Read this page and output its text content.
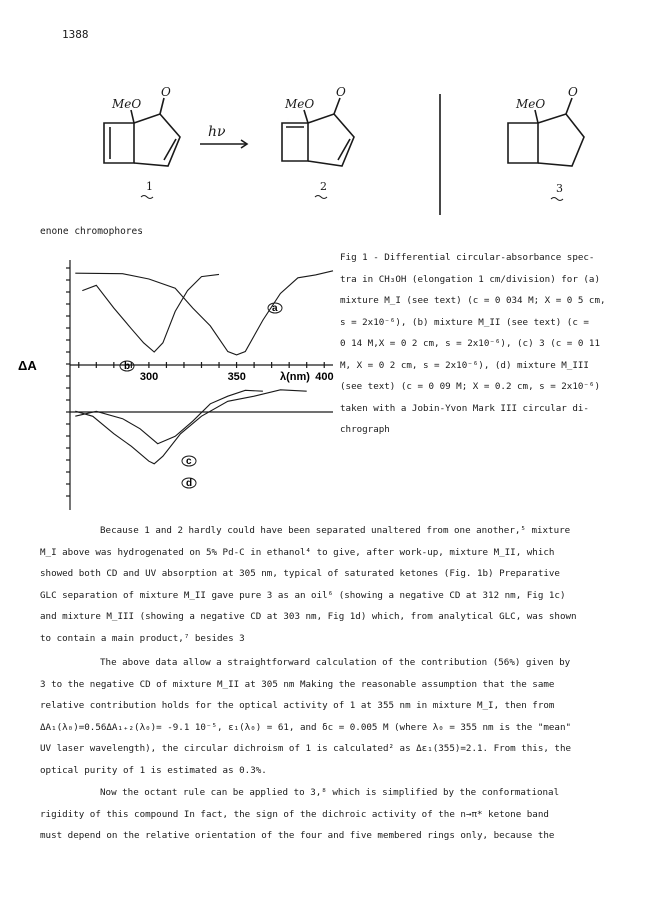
1388
MeO
O
hν
MeO
O
MeO
O
1	2	3
enone chromophores
ΔA
λ(nm)
300	350	400
a
b
c
d
Fig 1 - Differential circular-absorbance spec-
tra in CH₃OH (elongation 1 cm/division) for (a)
mixture M_I (see text) (c = 0 034 M; X = 0 5 cm,
s = 2x10⁻⁶), (b) mixture M_II (see text) (c =
0 14 M,X = 0 2 cm, s = 2x10⁻⁶), (c) 3 (c = 0 11
M, X = 0 2 cm, s = 2x10⁻⁶), (d) mixture M_III
(see text) (c = 0 09 M; X = 0.2 cm, s = 2x10⁻⁶)
taken with a Jobin-Yvon Mark III circular di-
chrograph
Because 1 and 2 hardly could have been separated unaltered from one another,⁵ mixture
M_I above was hydrogenated on 5% Pd-C in ethanol⁴ to give, after work-up, mixture M_II, which
showed both CD and UV absorption at 305 nm, typical of saturated ketones (Fig. 1b) Preparative
GLC separation of mixture M_II gave pure 3 as an oil⁶ (showing a negative CD at 312 nm, Fig 1c)
and mixture M_III (showing a negative CD at 303 nm, Fig 1d) which, from analytical GLC, was shown
to contain a main product,⁷ besides 3
The above data allow a straightforward calculation of the contribution (56%) given by
3 to the negative CD of mixture M_II at 305 nm Making the reasonable assumption that the same
relative contribution holds for the optical activity of 1 at 355 nm in mixture M_I, then from
ΔA₁(λ₀)=0.56ΔA₁₊₂(λ₀)= -9.1 10⁻⁵, ε₁(λ₀) = 61, and δc = 0.005 M (where λ₀ = 355 nm is the "mean"
UV laser wavelength), the circular dichroism of 1 is calculated² as Δε₁(355)=2.1. From this, the
optical purity of 1 is estimated as 0.3%.
Now the octant rule can be applied to 3,⁸ which is simplified by the conformational
rigidity of this compound In fact, the sign of the dichroic activity of the n→π* ketone band
must depend on the relative orientation of the four and five membered rings only, because the
